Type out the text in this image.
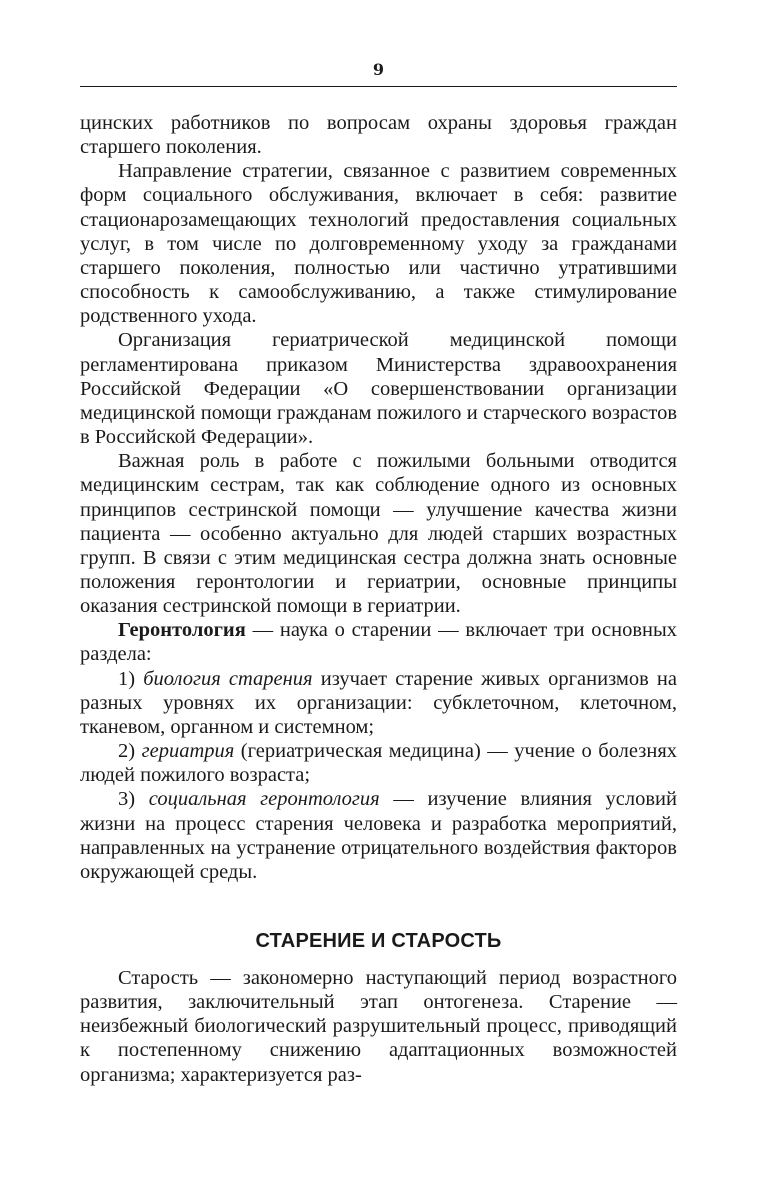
9

цинских работников по вопросам охраны здоровья граждан старшего поколения.

Направление стратегии, связанное с развитием современных форм социального обслуживания, включает в себя: развитие стационарозамещающих технологий предоставления социальных услуг, в том числе по долговременному уходу за гражданами старшего поколения, полностью или частично утратившими способность к самообслуживанию, а также стимулирование родственного ухода.

Организация гериатрической медицинской помощи регламентирована приказом Министерства здравоохранения Российской Федерации «О совершенствовании организации медицинской помощи гражданам пожилого и старческого возрастов в Российской Федерации».

Важная роль в работе с пожилыми больными отводится медицинским сестрам, так как соблюдение одного из основных принципов сестринской помощи — улучшение качества жизни пациента — особенно актуально для людей старших возрастных групп. В связи с этим медицинская сестра должна знать основные положения геронтологии и гериатрии, основные принципы оказания сестринской помощи в гериатрии.

Геронтология — наука о старении — включает три основных раздела:

1) биология старения изучает старение живых организмов на разных уровнях их организации: субклеточном, клеточном, тканевом, органном и системном;

2) гериатрия (гериатрическая медицина) — учение о болезнях людей пожилого возраста;

3) социальная геронтология — изучение влияния условий жизни на процесс старения человека и разработка мероприятий, направленных на устранение отрицательного воздействия факторов окружающей среды.

СТАРЕНИЕ И СТАРОСТЬ

Старость — закономерно наступающий период возрастного развития, заключительный этап онтогенеза. Старение — неизбежный биологический разрушительный процесс, приводящий к постепенному снижению адаптационных возможностей организма; характеризуется раз-
